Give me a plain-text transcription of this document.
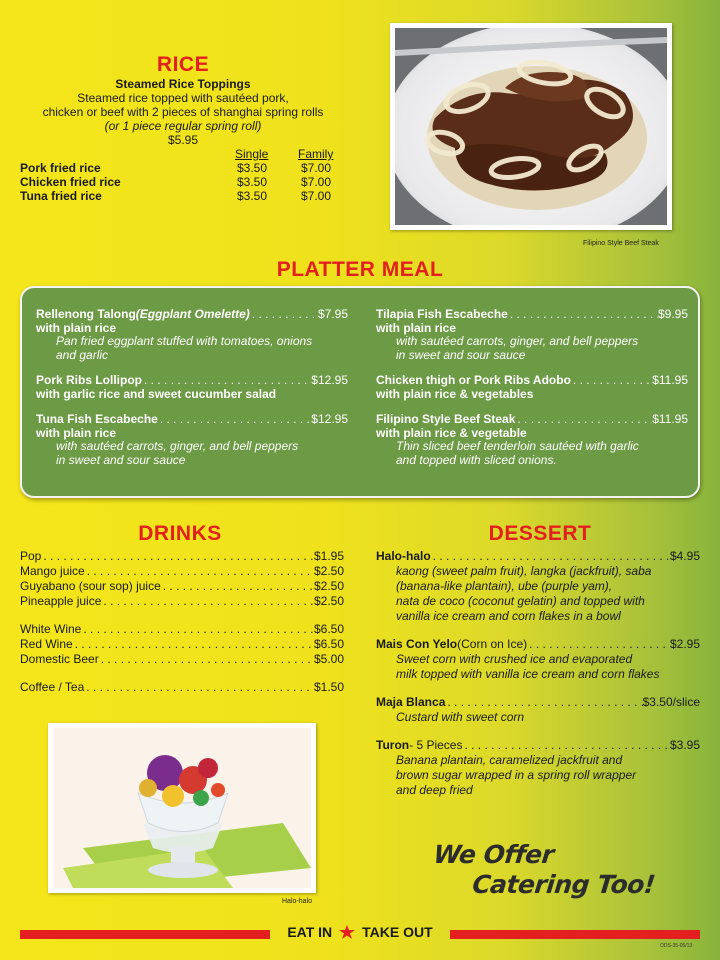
RICE
Steamed Rice Toppings
Steamed rice topped with sautéed pork,
chicken or beef with 2 pieces of shanghai spring rolls
(or 1 piece regular spring roll)
$5.95
Single Family
Pork fried rice	$3.50	$7.00
Chicken fried rice	$3.50	$7.00
Tuna fried rice	$3.50	$7.00
Filipino Style Beef Steak
PLATTER MEAL
Rellenong Talong (Eggplant Omelette) . . .	$7.95
with plain rice
Pan fried eggplant stuffed with tomatoes, onions
and garlic
Pork Ribs Lollipop . . .	$12.95
with garlic rice and sweet cucumber salad
Tuna Fish Escabeche . . .	$12.95
with plain rice
with sautéed carrots, ginger, and bell peppers
in sweet and sour sauce
Tilapia Fish Escabeche . . .	$9.95
with plain rice
with sautéed carrots, ginger, and bell peppers
in sweet and sour sauce
Chicken thigh or Pork Ribs Adobo . . .	$11.95
with plain rice & vegetables
Filipino Style Beef Steak . . .	$11.95
with plain rice & vegetable
Thin sliced beef tenderloin sautéed with garlic
and topped with sliced onions.
DRINKS
Pop . . .	$1.95
Mango juice . . .	$2.50
Guyabano (sour sop) juice . . .	$2.50
Pineapple juice . . .	$2.50
White Wine . . .	$6.50
Red Wine . . .	$6.50
Domestic Beer . . .	$5.00
Coffee / Tea . . .	$1.50
Halo-halo
DESSERT
Halo-halo . . .	$4.95
kaong (sweet palm fruit), langka (jackfruit), saba
(banana-like plantain), ube (purple yam),
nata de coco (coconut gelatin) and topped with
vanilla ice cream and corn flakes in a bowl
Mais Con Yelo (Corn on Ice) . . .	$2.95
Sweet corn with crushed ice and evaporated
milk topped with vanilla ice cream and corn flakes
Maja Blanca . . .	$3.50/slice
Custard with sweet corn
Turon - 5 Pieces . . .	$3.95
Banana plantain, caramelized jackfruit and
brown sugar wrapped in a spring roll wrapper
and deep fried
We Offer
Catering Too!
EAT IN TAKE OUT
ODS-35-05/13
